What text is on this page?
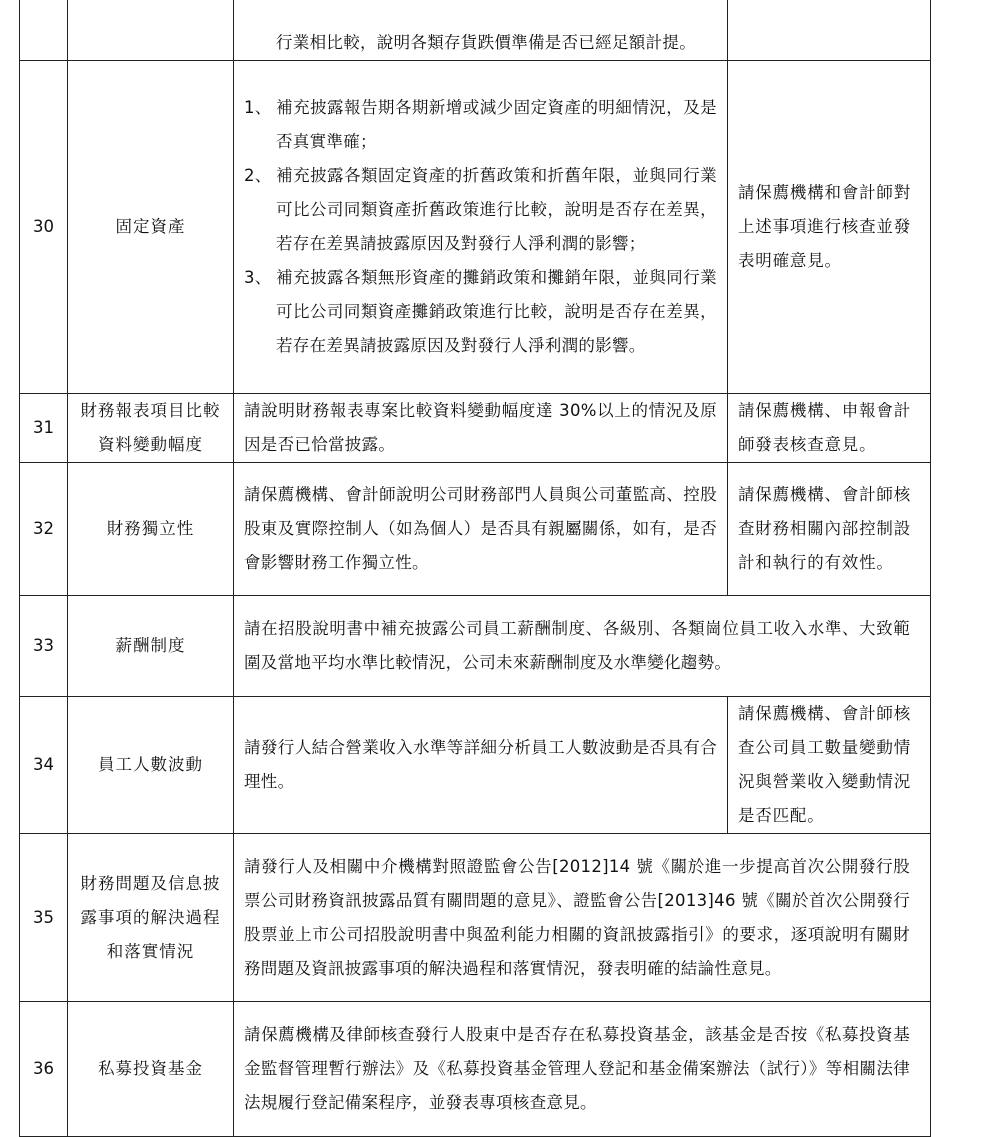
		行業相比較，說明各類存貨跌價準備是否已經足額計提。	
30	固定資產	1、 補充披露報告期各期新增或減少固定資產的明細情況，及是否真實準確；
2、 補充披露各類固定資產的折舊政策和折舊年限，並與同行業可比公司同類資產折舊政策進行比較，說明是否存在差異，若存在差異請披露原因及對發行人淨利潤的影響；
3、 補充披露各類無形資產的攤銷政策和攤銷年限，並與同行業可比公司同類資產攤銷政策進行比較，說明是否存在差異，若存在差異請披露原因及對發行人淨利潤的影響。	請保薦機構和會計師對上述事項進行核查並發表明確意見。
31	財務報表項目比較資料變動幅度	請說明財務報表專案比較資料變動幅度達 30%以上的情況及原因是否已恰當披露。	請保薦機構、申報會計師發表核查意見。
32	財務獨立性	請保薦機構、會計師說明公司財務部門人員與公司董監高、控股股東及實際控制人（如為個人）是否具有親屬關係，如有，是否會影響財務工作獨立性。	請保薦機構、會計師核查財務相關內部控制設計和執行的有效性。
33	薪酬制度	請在招股說明書中補充披露公司員工薪酬制度、各級別、各類崗位員工收入水準、大致範圍及當地平均水準比較情況，公司未來薪酬制度及水準變化趨勢。	
34	員工人數波動	請發行人結合營業收入水準等詳細分析員工人數波動是否具有合理性。	請保薦機構、會計師核查公司員工數量變動情況與營業收入變動情況是否匹配。
35	財務問題及信息披露事項的解決過程和落實情況	請發行人及相關中介機構對照證監會公告[2012]14 號《關於進一步提高首次公開發行股票公司財務資訊披露品質有關問題的意見》、證監會公告[2013]46 號《關於首次公開發行股票並上市公司招股說明書中與盈利能力相關的資訊披露指引》的要求，逐項說明有關財務問題及資訊披露事項的解決過程和落實情況，發表明確的結論性意見。	
36	私募投資基金	請保薦機構及律師核查發行人股東中是否存在私募投資基金，該基金是否按《私募投資基金監督管理暫行辦法》及《私募投資基金管理人登記和基金備案辦法（試行）》等相關法律法規履行登記備案程序，並發表專項核查意見。	
